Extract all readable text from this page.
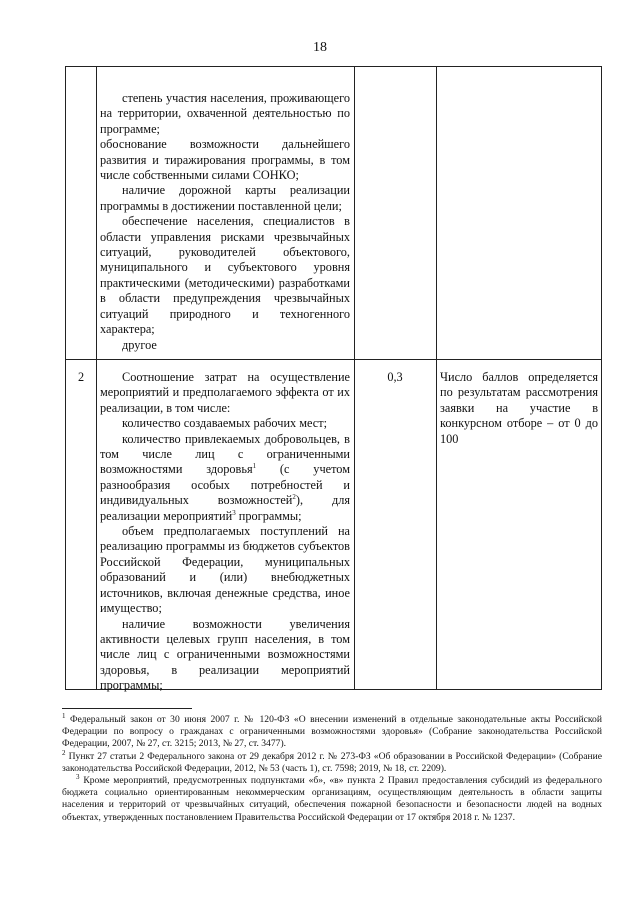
18

степень участия населения, проживающего на территории, охваченной деятельностью по программе;

обоснование возможности дальнейшего развития и тиражирования программы, в том числе собственными силами СОНКО;

наличие дорожной карты реализации программы в достижении поставленной цели;

обеспечение населения, специалистов в области управления рисками чрезвычайных ситуаций, руководителей объектового, муниципального и субъектового уровня практическими (методическими) разработками в области предупреждения чрезвычайных ситуаций природного и техногенного характера;

другое

2	Соотношение затрат на осуществление мероприятий и предполагаемого эффекта от их реализации, в том числе:

количество создаваемых рабочих мест;

количество привлекаемых добровольцев, в том числе лиц с ограниченными возможностями здоровья$^1$ (с учетом разнообразия особых потребностей и индивидуальных возможностей$^2$), для реализации мероприятий$^3$ программы;

объем предполагаемых поступлений на реализацию программы из бюджетов субъектов Российской Федерации, муниципальных образований и (или) внебюджетных источников, включая денежные средства, иное имущество;

наличие возможности увеличения активности целевых групп населения, в том числе лиц с ограниченными возможностями здоровья, в реализации мероприятий программы;

0,3	Число баллов определяется по результатам рассмотрения заявки на участие в конкурсном отборе – от 0 до 100

$^1$ Федеральный закон от 30 июня 2007 г. № 120-ФЗ «О внесении изменений в отдельные законодательные акты Российской Федерации по вопросу о гражданах с ограниченными возможностями здоровья» (Собрание законодательства Российской Федерации, 2007, № 27, ст. 3215; 2013, № 27, ст. 3477).

$^2$ Пункт 27 статьи 2 Федерального закона от 29 декабря 2012 г. № 273-ФЗ «Об образовании в Российской Федерации» (Собрание законодательства Российской Федерации, 2012, № 53 (часть 1), ст. 7598; 2019, № 18, ст. 2209).

$^3$ Кроме мероприятий, предусмотренных подпунктами «б», «в» пункта 2 Правил предоставления субсидий из федерального бюджета социально ориентированным некоммерческим организациям, осуществляющим деятельность в области защиты населения и территорий от чрезвычайных ситуаций, обеспечения пожарной безопасности и безопасности людей на водных объектах, утвержденных постановлением Правительства Российской Федерации от 17 октября 2018 г. № 1237.
